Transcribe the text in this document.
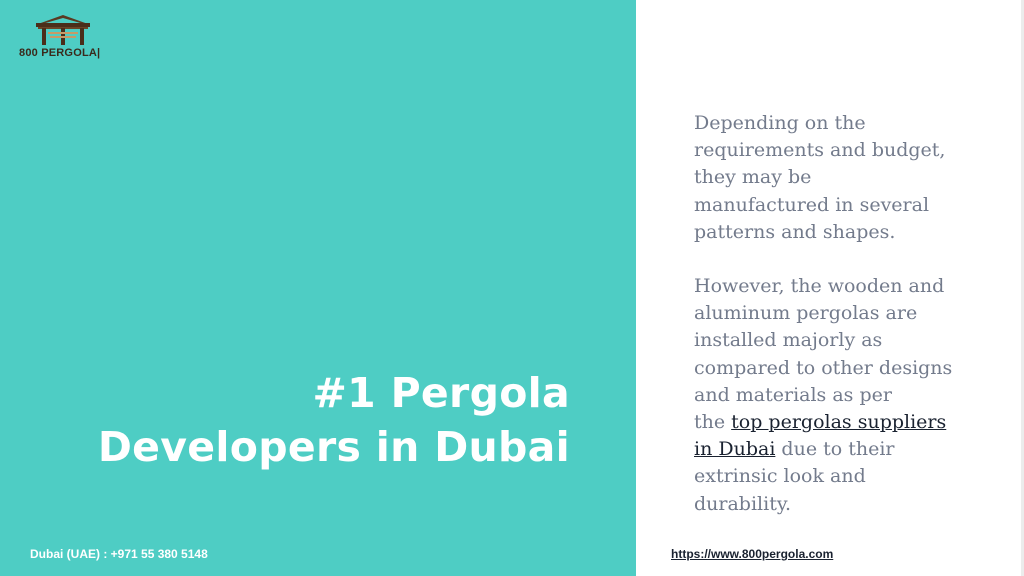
800 PERGOLA|
#1 Pergola
Developers in Dubai
Dubai (UAE) : +971 55 380 5148

Depending on the
requirements and budget,
they may be
manufactured in several
patterns and shapes.

However, the wooden and
aluminum pergolas are
installed majorly as
compared to other designs
and materials as per
the top pergolas suppliers
in Dubai due to their
extrinsic look and
durability.

https://www.800pergola.com
